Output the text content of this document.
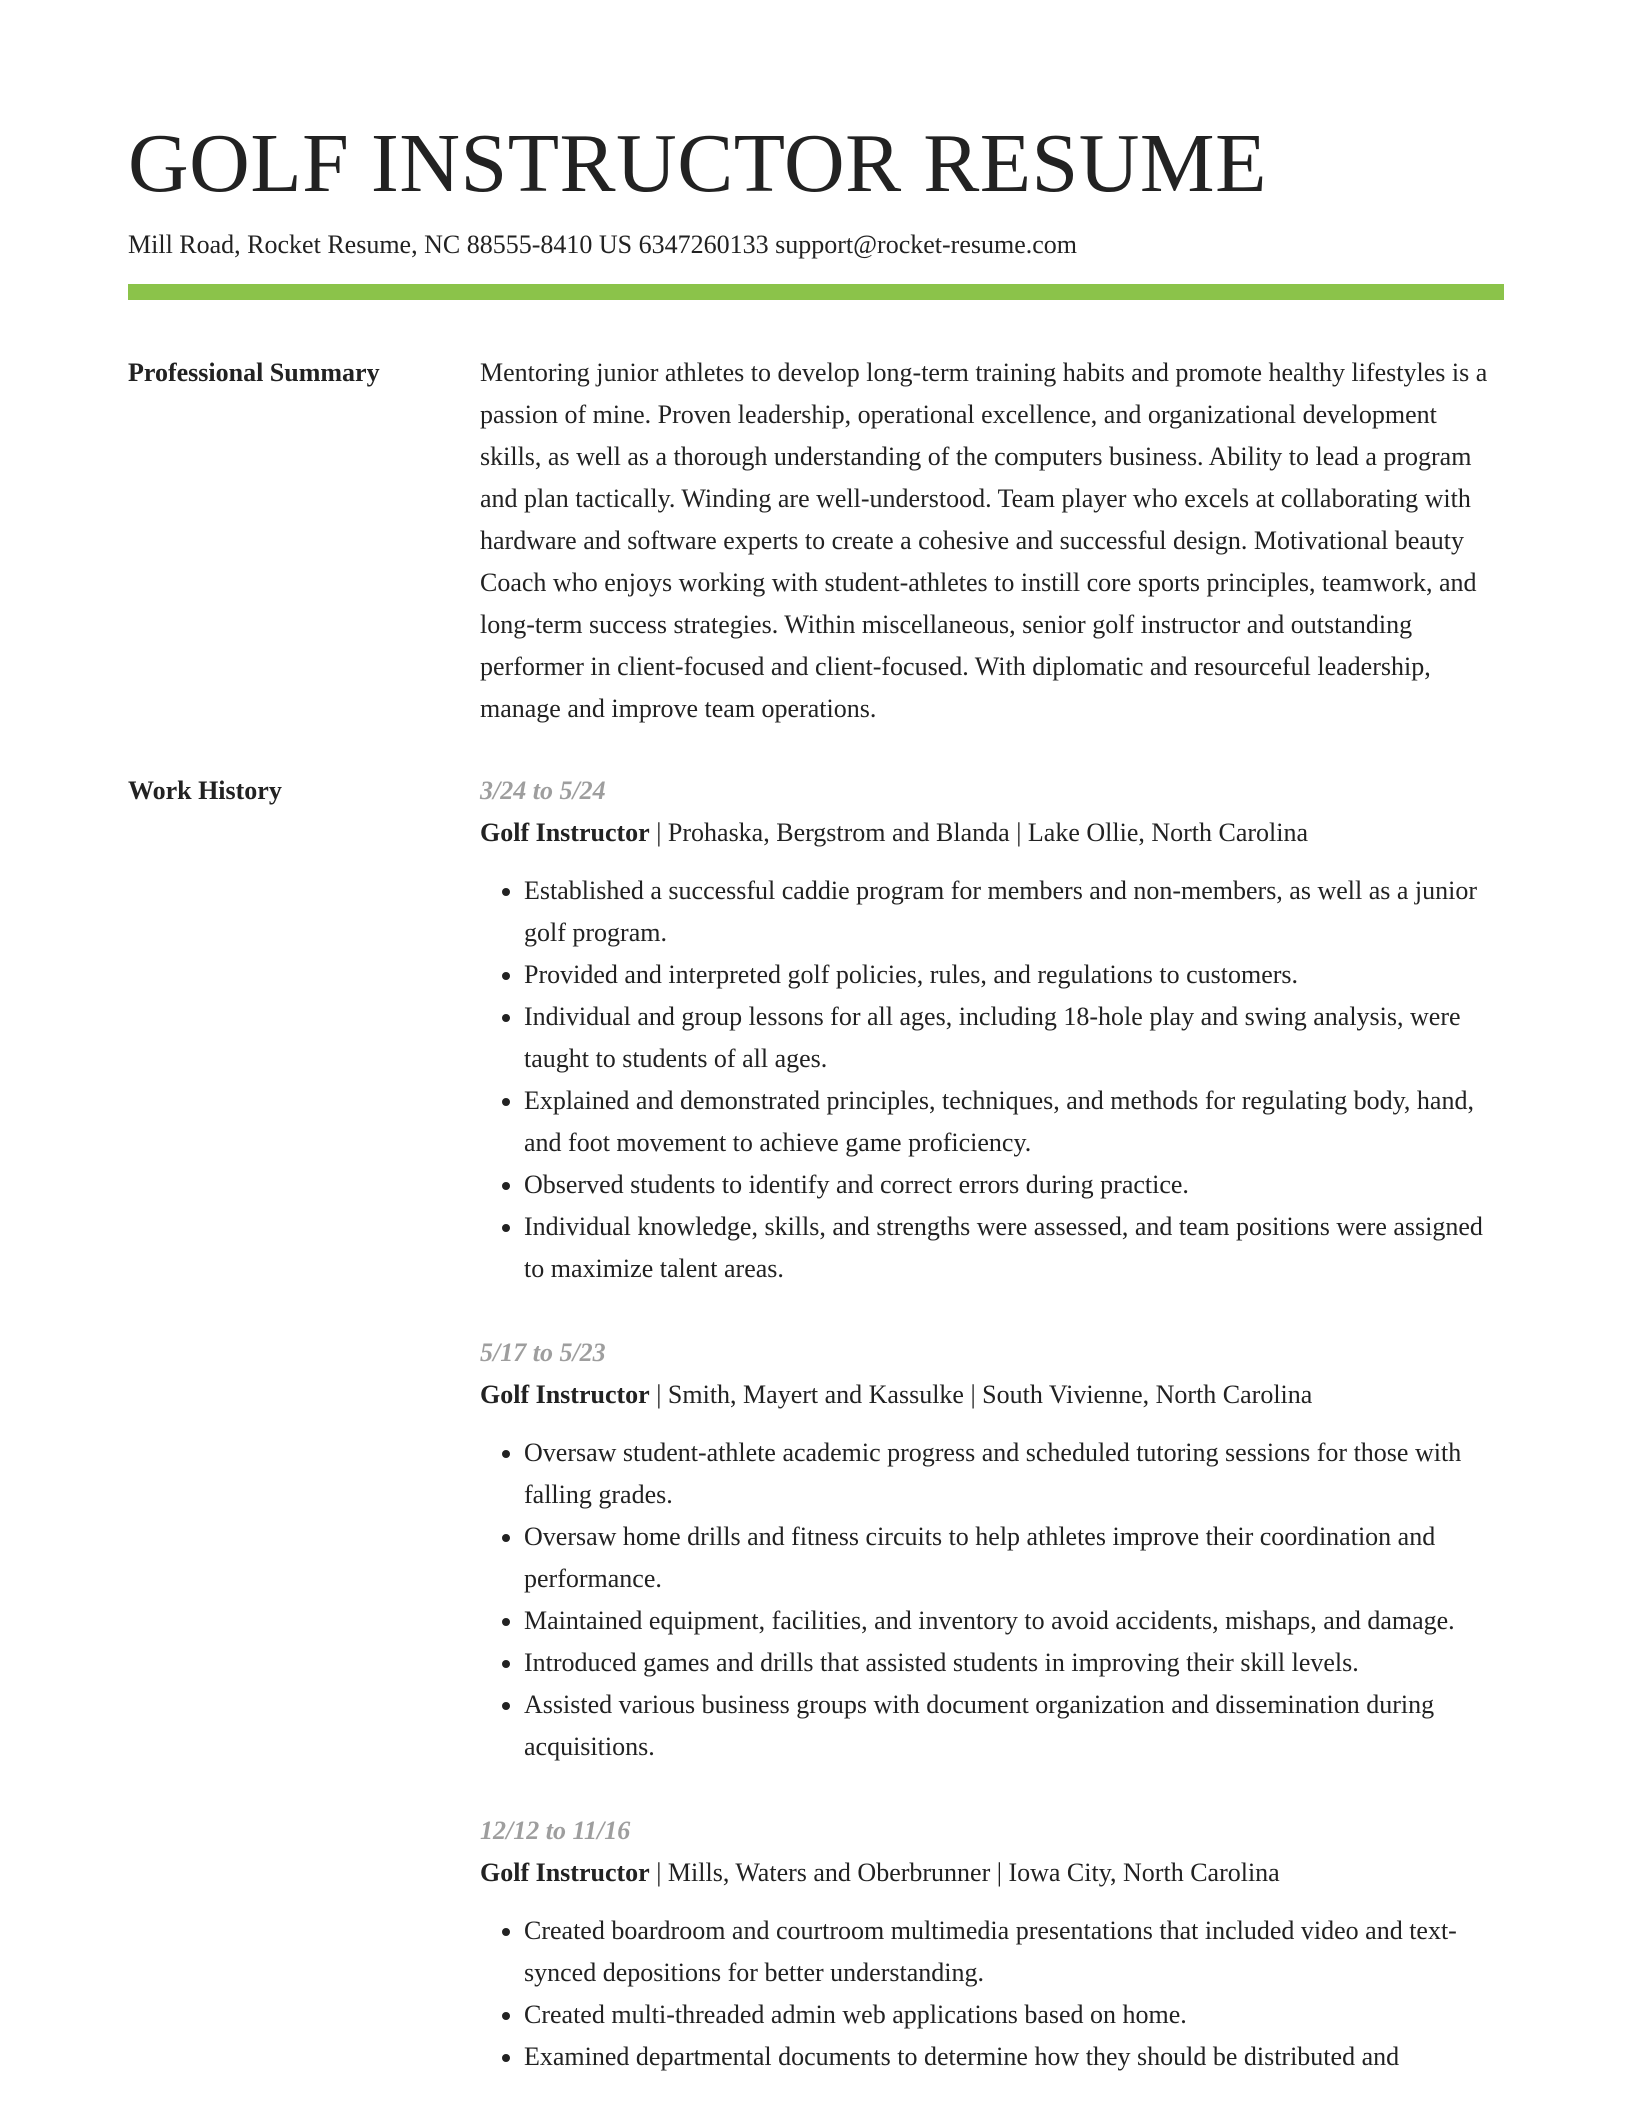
GOLF INSTRUCTOR RESUME
Mill Road, Rocket Resume, NC 88555-8410 US 6347260133 support@rocket-resume.com
Professional Summary	Mentoring junior athletes to develop long-term training habits and promote healthy lifestyles is a passion of mine. Proven leadership, operational excellence, and organizational development skills, as well as a thorough understanding of the computers business. Ability to lead a program and plan tactically. Winding are well-understood. Team player who excels at collaborating with hardware and software experts to create a cohesive and successful design. Motivational beauty Coach who enjoys working with student-athletes to instill core sports principles, teamwork, and long-term success strategies. Within miscellaneous, senior golf instructor and outstanding performer in client-focused and client-focused. With diplomatic and resourceful leadership, manage and improve team operations.
Work History	3/24 to 5/24
Golf Instructor | Prohaska, Bergstrom and Blanda | Lake Ollie, North Carolina
• Established a successful caddie program for members and non-members, as well as a junior golf program.
• Provided and interpreted golf policies, rules, and regulations to customers.
• Individual and group lessons for all ages, including 18-hole play and swing analysis, were taught to students of all ages.
• Explained and demonstrated principles, techniques, and methods for regulating body, hand, and foot movement to achieve game proficiency.
• Observed students to identify and correct errors during practice.
• Individual knowledge, skills, and strengths were assessed, and team positions were assigned to maximize talent areas.
5/17 to 5/23
Golf Instructor | Smith, Mayert and Kassulke | South Vivienne, North Carolina
• Oversaw student-athlete academic progress and scheduled tutoring sessions for those with falling grades.
• Oversaw home drills and fitness circuits to help athletes improve their coordination and performance.
• Maintained equipment, facilities, and inventory to avoid accidents, mishaps, and damage.
• Introduced games and drills that assisted students in improving their skill levels.
• Assisted various business groups with document organization and dissemination during acquisitions.
12/12 to 11/16
Golf Instructor | Mills, Waters and Oberbrunner | Iowa City, North Carolina
• Created boardroom and courtroom multimedia presentations that included video and text-synced depositions for better understanding.
• Created multi-threaded admin web applications based on home.
• Examined departmental documents to determine how they should be distributed and
